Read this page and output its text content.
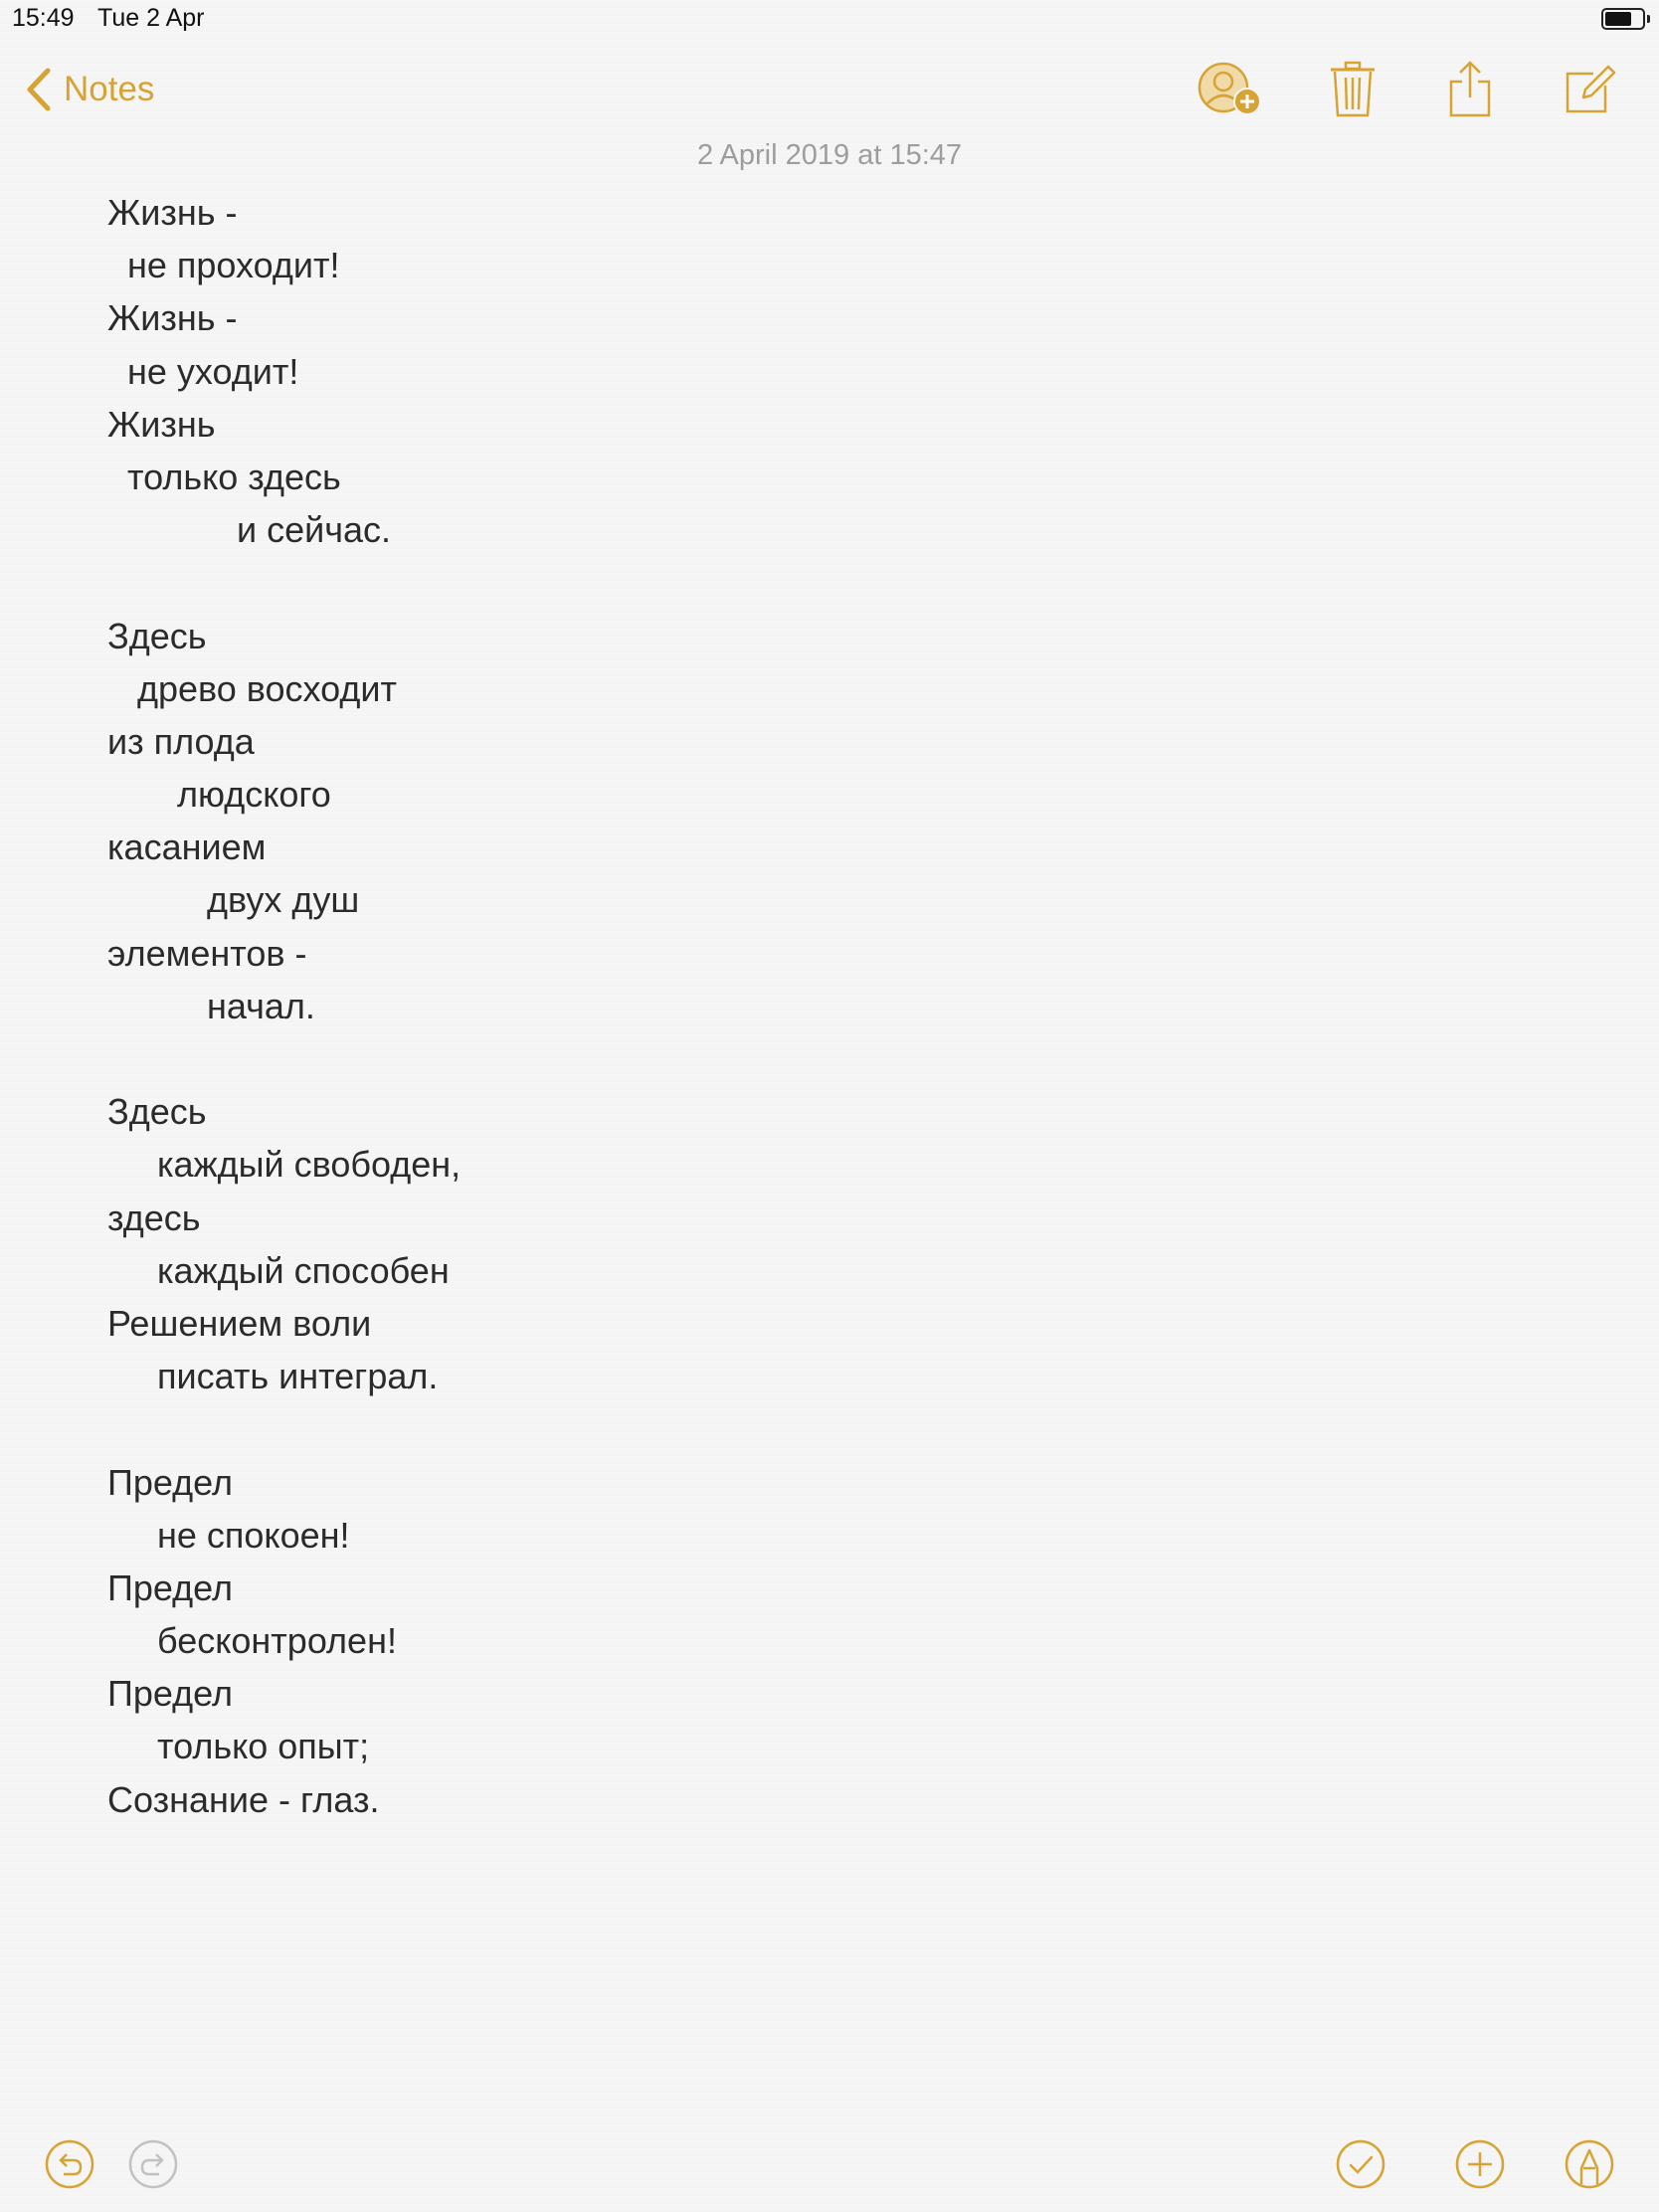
15:49 Tue 2 Apr
Notes
2 April 2019 at 15:47
Жизнь -
не проходит!
Жизнь -
не уходит!
Жизнь
только здесь
и сейчас.
Здесь
древо восходит
из плода
людского
касанием
двух душ
элементов -
начал.
Здесь
каждый свободен,
здесь
каждый способен
Решением воли
писать интеграл.
Предел
не спокоен!
Предел
бесконтролен!
Предел
только опыт;
Сознание - глаз.
